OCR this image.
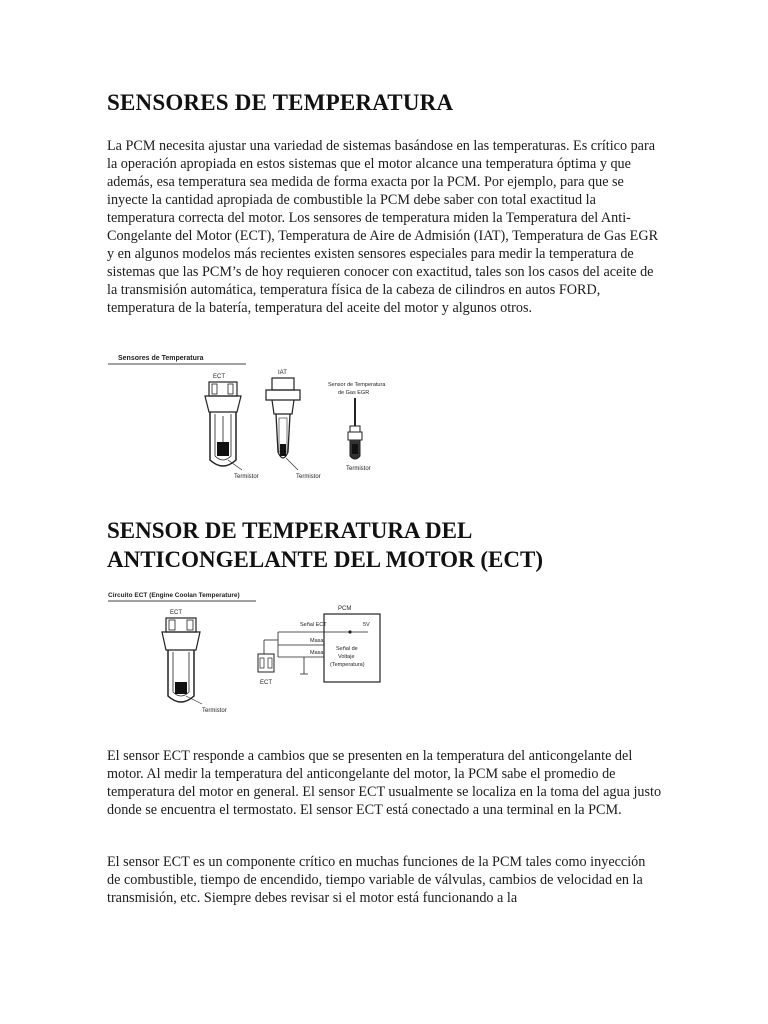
SENSORES DE TEMPERATURA

La PCM necesita ajustar una variedad de sistemas basándose en las temperaturas. Es crítico para la operación apropiada en estos sistemas que el motor alcance una temperatura óptima y que además, esa temperatura sea medida de forma exacta por la PCM. Por ejemplo, para que se inyecte la cantidad apropiada de combustible la PCM debe saber con total exactitud la temperatura correcta del motor. Los sensores de temperatura miden la Temperatura del Anti-Congelante del Motor (ECT), Temperatura de Aire de Admisión (IAT), Temperatura de Gas EGR y en algunos modelos más recientes existen sensores especiales para medir la temperatura de sistemas que las PCM’s de hoy requieren conocer con exactitud, tales son los casos del aceite de la transmisión automática, temperatura física de la cabeza de cilindros en autos FORD, temperatura de la batería, temperatura del aceite del motor y algunos otros.

Sensores de Temperatura
ECT
Termistor
IAT
Termistor
Sensor de Temperatura
de Gas EGR
Termistor
SENSOR DE TEMPERATURA DEL
ANTICONGELANTE DEL MOTOR (ECT)
Circuito ECT (Engine Coolan Temperature)
ECT
Termistor
PCM
5V
Señal de
Voltaje
(Temperatura)
Señal ECT
Masa
Masa
ECT

El sensor ECT responde a cambios que se presenten en la temperatura del anticongelante del motor. Al medir la temperatura del anticongelante del motor, la PCM sabe el promedio de temperatura del motor en general. El sensor ECT usualmente se localiza en la toma del agua justo donde se encuentra el termostato. El sensor ECT está conectado a una terminal en la PCM.

El sensor ECT es un componente crítico en muchas funciones de la PCM tales como inyección de combustible, tiempo de encendido, tiempo variable de válvulas, cambios de velocidad en la transmisión, etc. Siempre debes revisar si el motor está funcionando a la
